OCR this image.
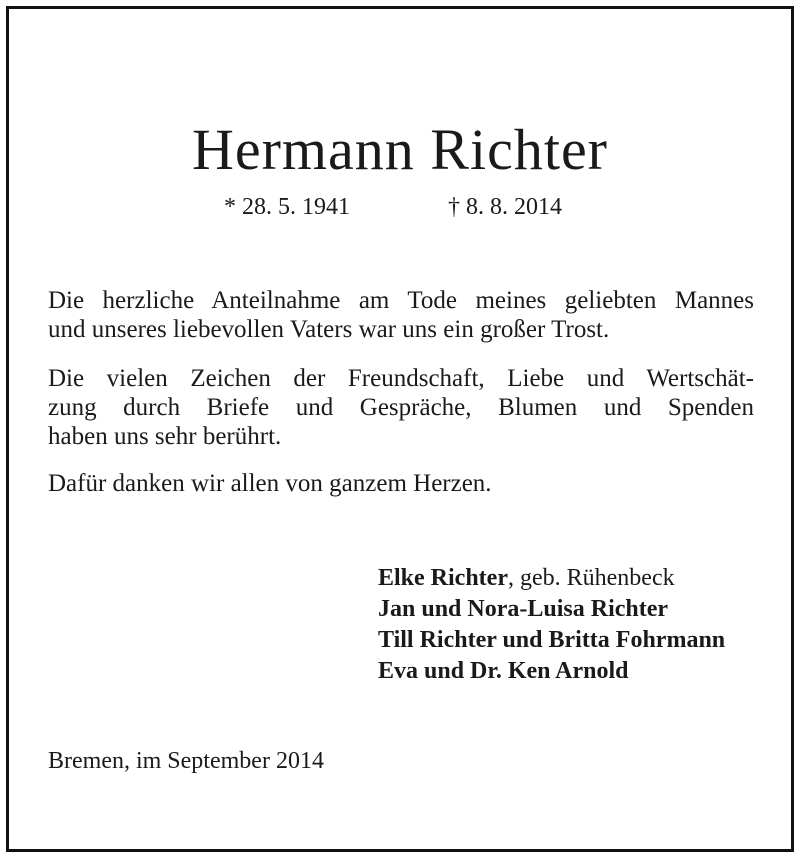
Hermann Richter
* 28. 5. 1941	† 8. 8. 2014
Die herzliche Anteilnahme am Tode meines geliebten Mannes
und unseres liebevollen Vaters war uns ein großer Trost.
Die vielen Zeichen der Freundschaft, Liebe und Wertschät-
zung durch Briefe und Gespräche, Blumen und Spenden
haben uns sehr berührt.
Dafür danken wir allen von ganzem Herzen.
Elke Richter, geb. Rühenbeck
Jan und Nora-Luisa Richter
Till Richter und Britta Fohrmann
Eva und Dr. Ken Arnold
Bremen, im September 2014
